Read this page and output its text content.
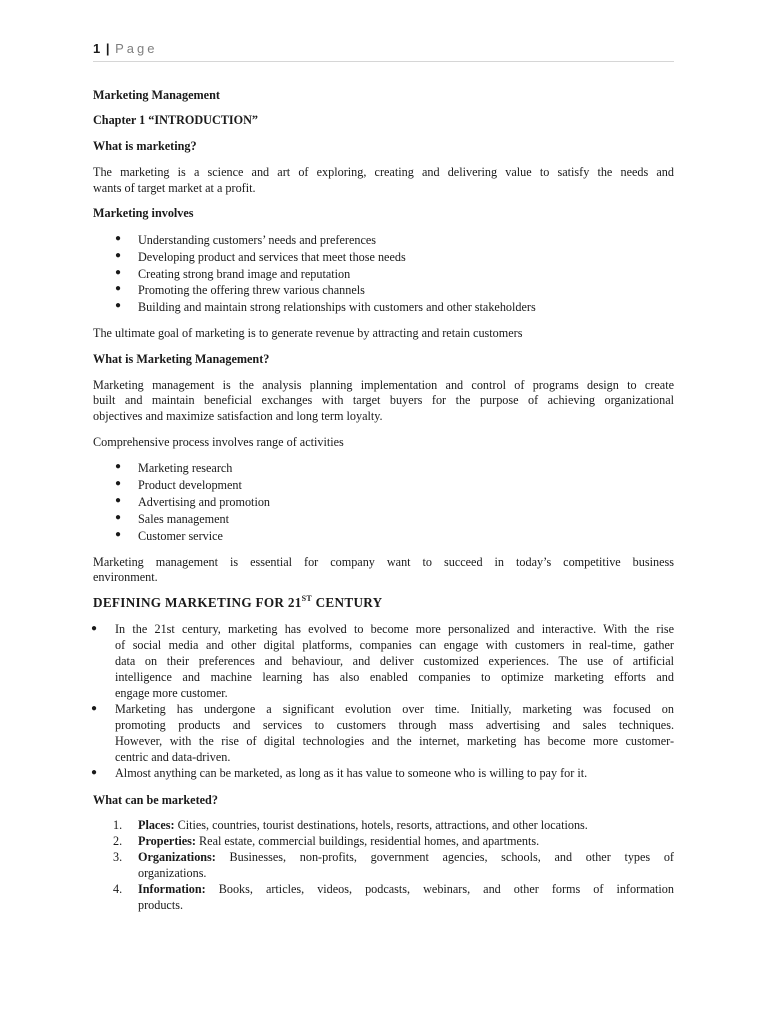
1 | Page
Marketing Management
Chapter 1 “INTRODUCTION”
What is marketing?
The marketing is a science and art of exploring, creating and delivering value to satisfy the needs and
wants of target market at a profit.
Marketing involves
● Understanding customers’ needs and preferences
● Developing product and services that meet those needs
● Creating strong brand image and reputation
● Promoting the offering threw various channels
● Building and maintain strong relationships with customers and other stakeholders
The ultimate goal of marketing is to generate revenue by attracting and retain customers
What is Marketing Management?
Marketing management is the analysis planning implementation and control of programs design to create
built and maintain beneficial exchanges with target buyers for the purpose of achieving organizational
objectives and maximize satisfaction and long term loyalty.
Comprehensive process involves range of activities
● Marketing research
● Product development
● Advertising and promotion
● Sales management
● Customer service
Marketing management is essential for company want to succeed in today’s competitive business
environment.
DEFINING MARKETING FOR 21ST CENTURY
● In the 21st century, marketing has evolved to become more personalized and interactive. With the rise
of social media and other digital platforms, companies can engage with customers in real-time, gather
data on their preferences and behaviour, and deliver customized experiences. The use of artificial
intelligence and machine learning has also enabled companies to optimize marketing efforts and
engage more customer.
● Marketing has undergone a significant evolution over time. Initially, marketing was focused on
promoting products and services to customers through mass advertising and sales techniques.
However, with the rise of digital technologies and the internet, marketing has become more customer-
centric and data-driven.
● Almost anything can be marketed, as long as it has value to someone who is willing to pay for it.
What can be marketed?
1. Places: Cities, countries, tourist destinations, hotels, resorts, attractions, and other locations.
2. Properties: Real estate, commercial buildings, residential homes, and apartments.
3. Organizations: Businesses, non-profits, government agencies, schools, and other types of
organizations.
4. Information: Books, articles, videos, podcasts, webinars, and other forms of information
products.
